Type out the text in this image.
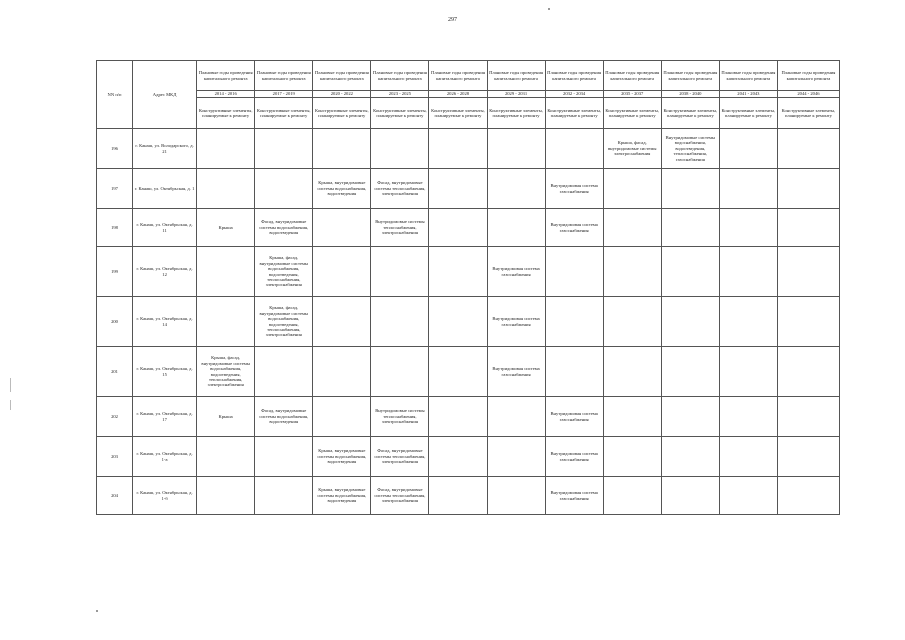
297
NN п/п	Адрес МКД	Плановые годы проведения капитального ремонта	Плановые годы проведения капитального ремонта	Плановые годы проведения капитального ремонта	Плановые годы проведения капитального ремонта	Плановые годы проведения капитального ремонта	Плановые годы проведения капитального ремонта	Плановые годы проведения капитального ремонта	Плановые годы проведения капитального ремонта	Плановые годы проведения капитального ремонта	Плановые годы проведения капитального ремонта	Плановые годы проведения капитального ремонта
		2014 - 2016	2017 - 2019	2020 - 2022	2023 - 2025	2026 - 2028	2029 - 2031	2032 - 2034	2035 - 2037	2038 - 2040	2041 - 2043	2044 - 2046
		Конструктивные элементы, планируемые к ремонту	Конструктивные элементы, планируемые к ремонту	Конструктивные элементы, планируемые к ремонту	Конструктивные элементы, планируемые к ремонту	Конструктивные элементы, планируемые к ремонту	Конструктивные элементы, планируемые к ремонту	Конструктивные элементы, планируемые к ремонту	Конструктивные элементы, планируемые к ремонту	Конструктивные элементы, планируемые к ремонту	Конструктивные элементы, планируемые к ремонту	Конструктивные элементы, планируемые к ремонту
196	г. Канаш, ул. Володарского, д. 21								Крыша, фасад, внутридомовые системы электроснабжения	Внутридомовые системы водоснабжения, водоотведения, теплоснабжения, газоснабжения		
197	г. Канаш, ул. Октябрьская, д. 1			Крыша, внутридомовые системы водоснабжения, водоотведения	Фасад, внутридомовые системы теплоснабжения, электроснабжения			Внутридомовая система газоснабжения				
198	г. Канаш, ул. Октябрьская, д. 11	Крыша	Фасад, внутридомовые системы водоснабжения, водоотведения		Внутридомовые системы теплоснабжения, электроснабжения			Внутридомовая система газоснабжения				
199	г. Канаш, ул. Октябрьская, д. 12		Крыша, фасад, внутридомовые системы водоснабжения, водоотведения, теплоснабжения, электроснабжения				Внутридомовая система газоснабжения					
200	г. Канаш, ул. Октябрьская, д. 14		Крыша, фасад, внутридомовые системы водоснабжения, водоотведения, теплоснабжения, электроснабжения				Внутридомовая система газоснабжения					
201	г. Канаш, ул. Октябрьская, д. 15	Крыша, фасад, внутридомовые системы водоснабжения, водоотведения, теплоснабжения, электроснабжения					Внутридомовая система газоснабжения					
202	г. Канаш, ул. Октябрьская, д. 17	Крыша	Фасад, внутридомовые системы водоснабжения, водоотведения		Внутридомовые системы теплоснабжения, электроснабжения			Внутридомовая система газоснабжения				
203	г. Канаш, ул. Октябрьская, д. 1-а			Крыша, внутридомовые системы водоснабжения, водоотведения	Фасад, внутридомовые системы теплоснабжения, электроснабжения			Внутридомовая система газоснабжения				
204	г. Канаш, ул. Октябрьская, д. 1-б			Крыша, внутридомовые системы водоснабжения, водоотведения	Фасад, внутридомовые системы теплоснабжения, электроснабжения			Внутридомовая система газоснабжения				
